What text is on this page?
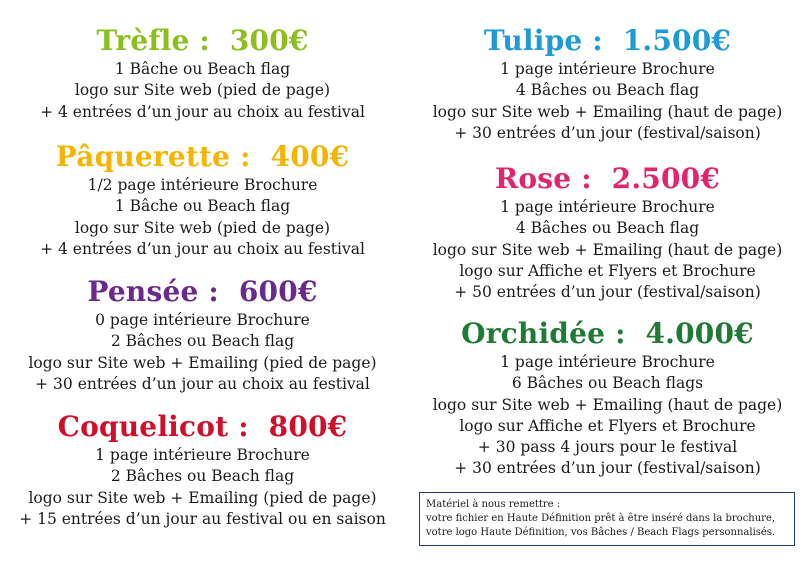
Trèfle :  300€
1 Bâche ou Beach flag
logo sur Site web (pied de page)
+ 4 entrées d’un jour au choix au festival
Pâquerette :  400€
1/2 page intérieure Brochure
1 Bâche ou Beach flag
logo sur Site web (pied de page)
+ 4 entrées d’un jour au choix au festival
Pensée :  600€
0 page intérieure Brochure
2 Bâches ou Beach flag
logo sur Site web + Emailing (pied de page)
+ 30 entrées d’un jour au choix au festival
Coquelicot :  800€
1 page intérieure Brochure
2 Bâches ou Beach flag
logo sur Site web + Emailing (pied de page)
+ 15 entrées d’un jour au festival ou en saison
Tulipe :  1.500€
1 page intérieure Brochure
4 Bâches ou Beach flag
logo sur Site web + Emailing (haut de page)
+ 30 entrées d’un jour (festival/saison)
Rose :  2.500€
1 page intérieure Brochure
4 Bâches ou Beach flag
logo sur Site web + Emailing (haut de page)
logo sur Affiche et Flyers et Brochure
+ 50 entrées d’un jour (festival/saison)
Orchidée :  4.000€
1 page intérieure Brochure
6 Bâches ou Beach flags
logo sur Site web + Emailing (haut de page)
logo sur Affiche et Flyers et Brochure
+ 30 pass 4 jours pour le festival
+ 30 entrées d’un jour (festival/saison)
Matériel à nous remettre :
votre fichier en Haute Définition prêt à être inséré dans la brochure,
votre logo Haute Définition, vos Bâches / Beach Flags personnalisés.
